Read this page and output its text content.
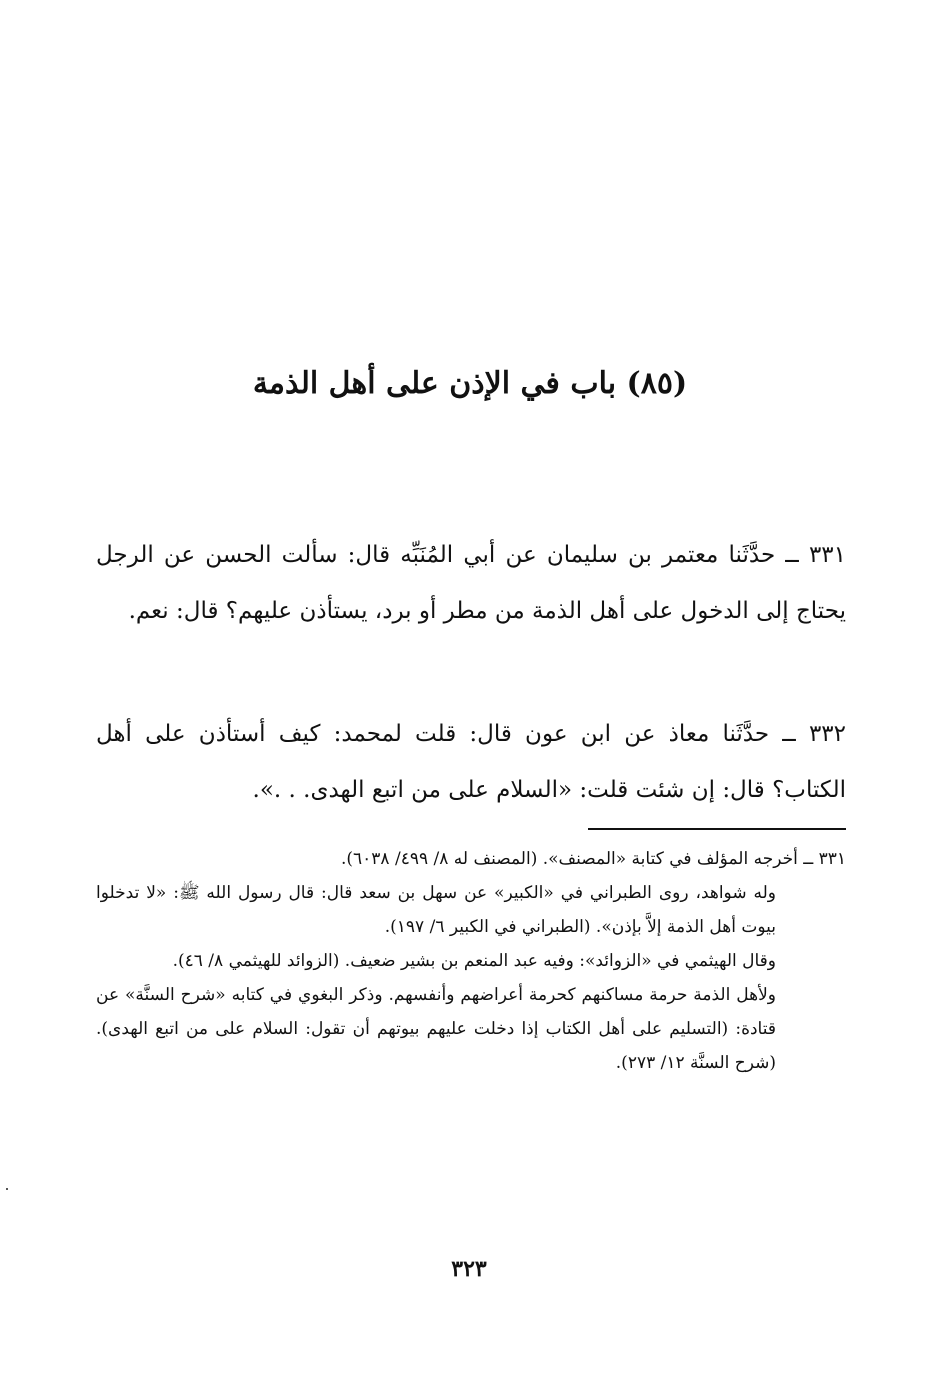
(٨٥) باب في الإذن على أهل الذمة
٣٣١ ــ حدَّثَنا معتمر بن سليمان عن أبي المُنَبِّه قال: سألت الحسن عن الرجل يحتاج إلى الدخول على أهل الذمة من مطر أو برد، يستأذن عليهم؟ قال: نعم.
٣٣٢ ــ حدَّثَنا معاذ عن ابن عون قال: قلت لمحمد: كيف أستأذن على أهل الكتاب؟ قال: إن شئت قلت: «السلام على من اتبع الهدى. . .».

٣٣١ ــ أخرجه المؤلف في كتابة «المصنف». (المصنف له ٨/ ٤٩٩/ ٦٠٣٨).

وله شواهد، روى الطبراني في «الكبير» عن سهل بن سعد قال: قال رسول الله ﷺ: «لا تدخلوا بيوت أهل الذمة إلاَّ بإذن». (الطبراني في الكبير ٦/ ١٩٧).

وقال الهيثمي في «الزوائد»: وفيه عبد المنعم بن بشير ضعيف. (الزوائد للهيثمي ٨/ ٤٦).

ولأهل الذمة حرمة مساكنهم كحرمة أعراضهم وأنفسهم. وذكر البغوي في كتابه «شرح السنَّة» عن قتادة: (التسليم على أهل الكتاب إذا دخلت عليهم بيوتهم أن تقول: السلام على من اتبع الهدى). (شرح السنَّة ١٢/ ٢٧٣).

٣٢٣
